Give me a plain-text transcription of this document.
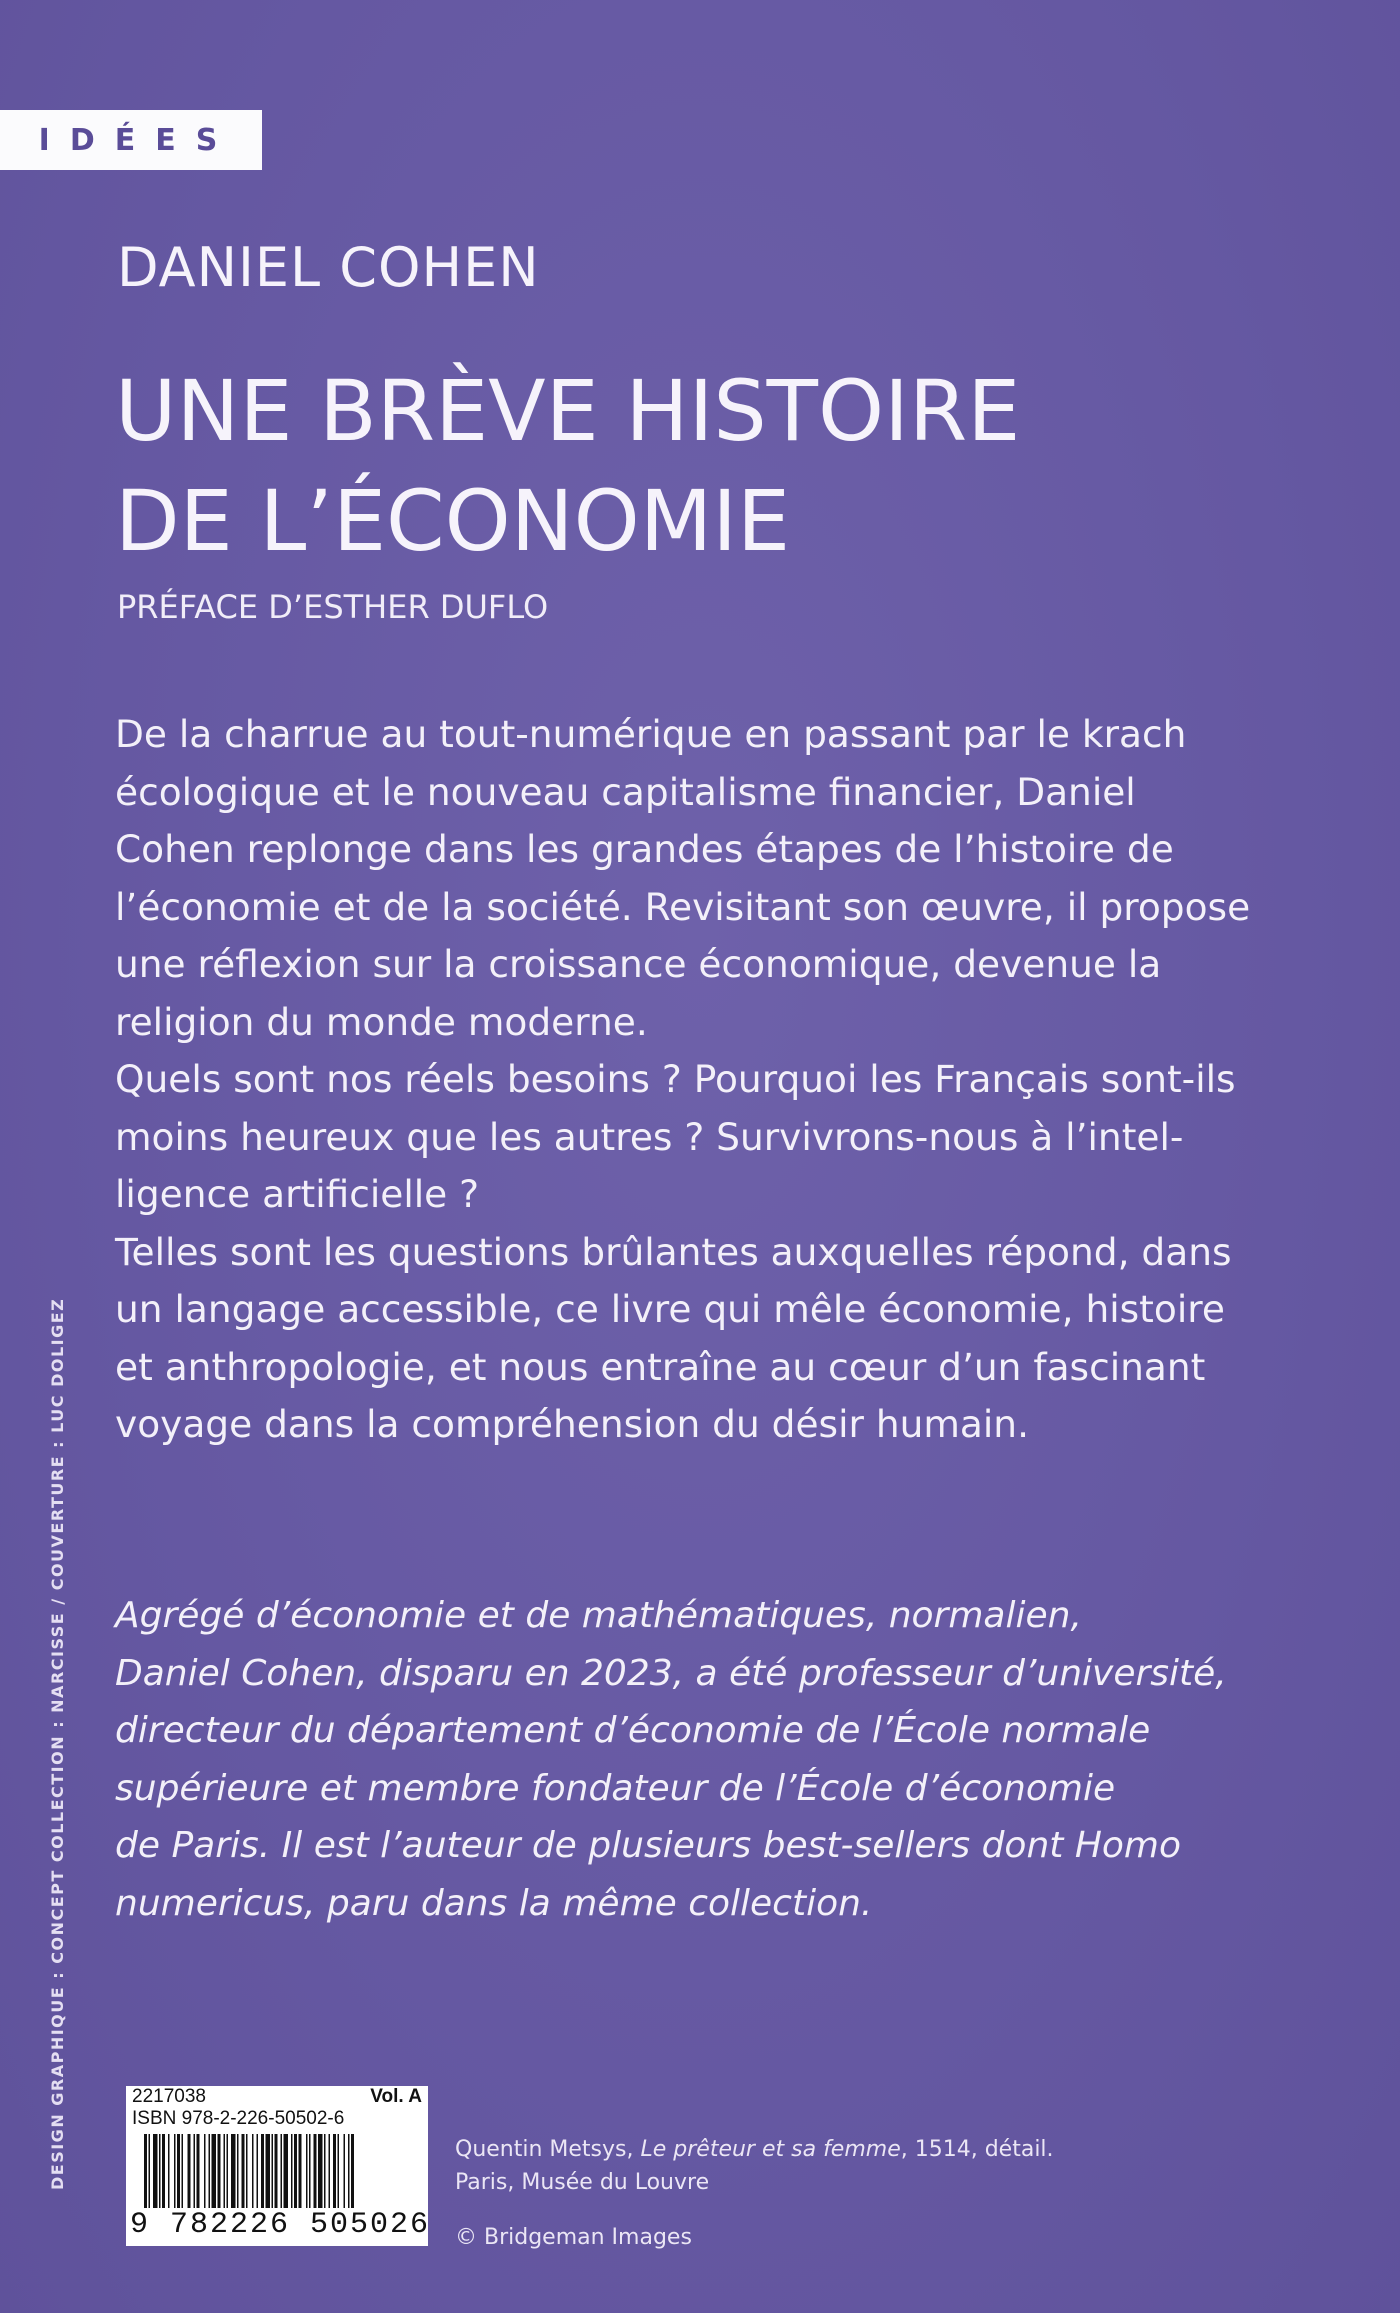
IDÉES
DANIEL COHEN
UNE BRÈVE HISTOIRE
DE L’ÉCONOMIE
PRÉFACE D’ESTHER DUFLO
De la charrue au tout-numérique en passant par le krach
écologique et le nouveau capitalisme financier, Daniel
Cohen replonge dans les grandes étapes de l’histoire de
l’économie et de la société. Revisitant son œuvre, il propose
une réflexion sur la croissance économique, devenue la
religion du monde moderne.
Quels sont nos réels besoins ? Pourquoi les Français sont-ils
moins heureux que les autres ? Survivrons-nous à l’intel-
ligence artificielle ?
Telles sont les questions brûlantes auxquelles répond, dans
un langage accessible, ce livre qui mêle économie, histoire
et anthropologie, et nous entraîne au cœur d’un fascinant
voyage dans la compréhension du désir humain.
Agrégé d’économie et de mathématiques, normalien,
Daniel Cohen, disparu en 2023, a été professeur d’université,
directeur du département d’économie de l’École normale
supérieure et membre fondateur de l’École d’économie
de Paris. Il est l’auteur de plusieurs best-sellers dont Homo
numericus, paru dans la même collection.
DESIGN GRAPHIQUE : CONCEPT COLLECTION : NARCISSE / COUVERTURE : LUC DOLIGEZ	2217038	Vol. A
ISBN 978-2-226-50502-6
9 782226 505026
Quentin Metsys, Le prêteur et sa femme, 1514, détail.
Paris, Musée du Louvre
© Bridgeman Images
